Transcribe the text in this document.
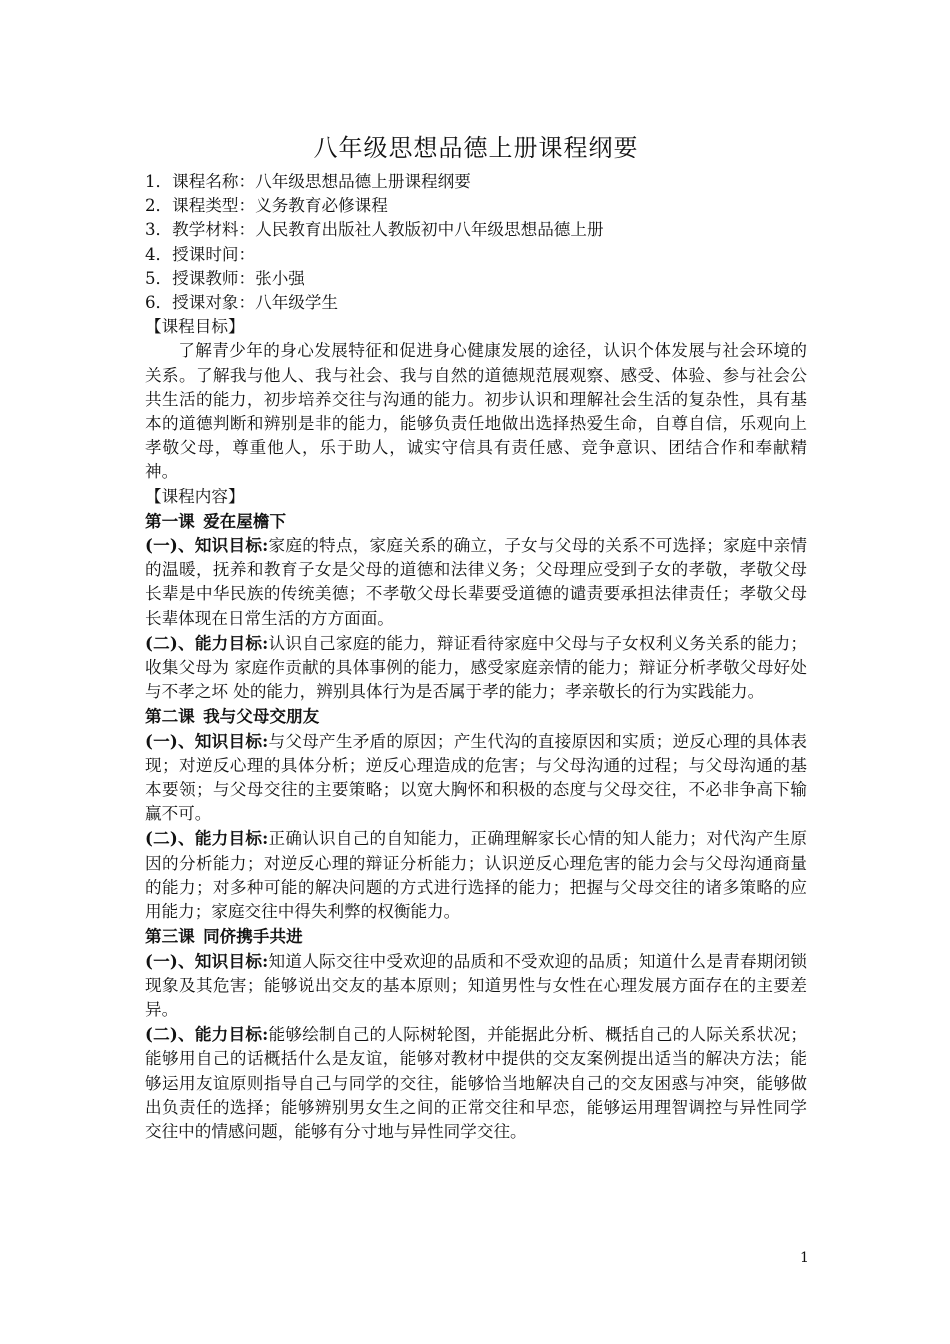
八年级思想品德上册课程纲要

1．课程名称：八年级思想品德上册课程纲要

2．课程类型：义务教育必修课程

3．教学材料：人民教育出版社人教版初中八年级思想品德上册

4．授课时间：

5．授课教师：张小强

6．授课对象：八年级学生

【课程目标】

了解青少年的身心发展特征和促进身心健康发展的途径，认识个体发展与社会环境的关系。了解我与他人、我与社会、我与自然的道德规范展观察、感受、体验、参与社会公共生活的能力，初步培养交往与沟通的能力。初步认识和理解社会生活的复杂性，具有基本的道德判断和辨别是非的能力，能够负责任地做出选择热爱生命，自尊自信，乐观向上孝敬父母，尊重他人，乐于助人，诚实守信具有责任感、竞争意识、团结合作和奉献精神。

【课程内容】

第一课 爱在屋檐下

(一)、知识目标:家庭的特点，家庭关系的确立，子女与父母的关系不可选择；家庭中亲情的温暖，抚养和教育子女是父母的道德和法律义务；父母理应受到子女的孝敬，孝敬父母长辈是中华民族的传统美德；不孝敬父母长辈要受道德的谴责要承担法律责任；孝敬父母长辈体现在日常生活的方方面面。

(二)、能力目标:认识自己家庭的能力，辩证看待家庭中父母与子女权利义务关系的能力；收集父母为 家庭作贡献的具体事例的能力，感受家庭亲情的能力；辩证分析孝敬父母好处与不孝之坏 处的能力，辨别具体行为是否属于孝的能力；孝亲敬长的行为实践能力。

第二课 我与父母交朋友

(一)、知识目标:与父母产生矛盾的原因；产生代沟的直接原因和实质；逆反心理的具体表现；对逆反心理的具体分析；逆反心理造成的危害；与父母沟通的过程；与父母沟通的基本要领；与父母交往的主要策略；以宽大胸怀和积极的态度与父母交往，不必非争高下输赢不可。

(二)、能力目标:正确认识自己的自知能力，正确理解家长心情的知人能力；对代沟产生原因的分析能力；对逆反心理的辩证分析能力；认识逆反心理危害的能力会与父母沟通商量的能力；对多种可能的解决问题的方式进行选择的能力；把握与父母交往的诸多策略的应用能力；家庭交往中得失利弊的权衡能力。

第三课 同侪携手共进

(一)、知识目标:知道人际交往中受欢迎的品质和不受欢迎的品质；知道什么是青春期闭锁现象及其危害；能够说出交友的基本原则；知道男性与女性在心理发展方面存在的主要差异。

(二)、能力目标:能够绘制自己的人际树轮图，并能据此分析、概括自己的人际关系状况；能够用自己的话概括什么是友谊，能够对教材中提供的交友案例提出适当的解决方法；能够运用友谊原则指导自己与同学的交往，能够恰当地解决自己的交友困惑与冲突，能够做出负责任的选择；能够辨别男女生之间的正常交往和早恋，能够运用理智调控与异性同学交往中的情感问题，能够有分寸地与异性同学交往。

1
